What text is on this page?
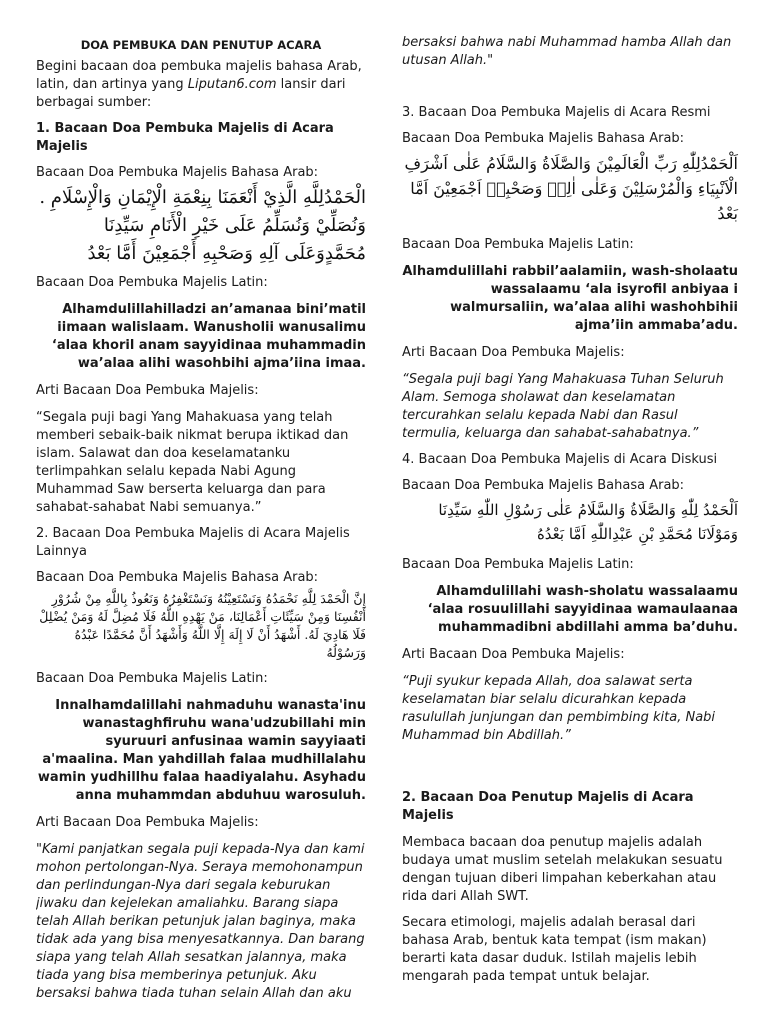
DOA PEMBUKA DAN PENUTUP ACARA

Begini bacaan doa pembuka majelis bahasa Arab, latin, dan artinya yang Liputan6.com lansir dari berbagai sumber:

1. Bacaan Doa Pembuka Majelis di Acara Majelis

Bacaan Doa Pembuka Majelis Bahasa Arab:

الْحَمْدُلِلَّهِ الَّذِيْ أَنْعَمَنَا بِنِعْمَةِ الْإِيْمَانِ وَالْإِسْلَامِ . وَنُصَلِّيْ وَنُسَلِّمُ عَلَى خَيْرِ الْأَنَامِ سَيِّدِنَا مُحَمَّدٍوَعَلَى آلِهِ وَصَحْبِهِ أَجْمَعِيْنَ أَمَّا بَعْدُ

Bacaan Doa Pembuka Majelis Latin:

Alhamdulillahilladzi an’amanaa bini’matil iimaan walislaam. Wanusholii wanusalimu ‘alaa khoril anam sayyidinaa muhammadin wa’alaa alihi wasohbihi ajma’iina imaa.

Arti Bacaan Doa Pembuka Majelis:

“Segala puji bagi Yang Mahakuasa yang telah memberi sebaik-baik nikmat berupa iktikad dan islam. Salawat dan doa keselamatanku terlimpahkan selalu kepada Nabi Agung Muhammad Saw berserta keluarga dan para sahabat-sahabat Nabi semuanya.”

2. Bacaan Doa Pembuka Majelis di Acara Majelis Lainnya

Bacaan Doa Pembuka Majelis Bahasa Arab:

إِنَّ الْحَمْدَ لِلَّهِ نَحْمَدُهُ وَنَسْتَعِيْنُهُ وَنَسْتَغْفِرُهُ وَنَعُوذُ بِاللَّهِ مِنْ شُرُوْرِ أَنْفُسِنَا وَمِنْ سَيِّئَاتِ أَعْمَالِنَا، مَنْ يَهْدِهِ اللَّهُ فَلَا مُضِلَّ لَهُ وَمَنْ يُضْلِلْ فَلَا هَادِيَ لَهُ. أَشْهَدُ أَنْ لَا إِلَهَ إِلَّا اللَّهُ وَأَشْهَدُ أَنَّ مُحَمَّدًا عَبْدُهُ وَرَسُوْلُهُ

Bacaan Doa Pembuka Majelis Latin:

Innalhamdalillahi nahmaduhu wanasta'inu wanastaghfiruhu wana'udzubillahi min syuruuri anfusinaa wamin sayyiaati a'maalina. Man yahdillah falaa mudhillalahu wamin yudhillhu falaa haadiyalahu. Asyhadu anna muhammdan abduhuu warosuluh.

Arti Bacaan Doa Pembuka Majelis:

3. Bacaan Doa Pembuka Majelis di Acara Resmi

Bacaan Doa Pembuka Majelis Bahasa Arab:

اَلْحَمْدُلِلّٰهِ رَبِّ الْعَالَمِيْنَ وَالصَّلَاةُ وَالسَّلَامُ عَلٰى اَشْرَفِ الْاَنْبِيَاءِ وَالْمُرْسَلِيْنَ وَعَلٰى اٰلِهٖ وَصَحْبِهٖ اَجْمَعِيْنَ اَمَّا بَعْدُ

Bacaan Doa Pembuka Majelis Latin:

Alhamdulillahi rabbil’aalamiin, wash-sholaatu wassalaamu ‘ala isyrofil anbiyaa i walmursaliin, wa’alaa alihi washohbihii ajma’iin ammaba’adu.

Arti Bacaan Doa Pembuka Majelis:

“Segala puji bagi Yang Mahakuasa Tuhan Seluruh Alam. Semoga sholawat dan keselamatan tercurahkan selalu kepada Nabi dan Rasul termulia, keluarga dan sahabat-sahabatnya.”

4. Bacaan Doa Pembuka Majelis di Acara Diskusi

Bacaan Doa Pembuka Majelis Bahasa Arab:

اَلْحَمْدُ لِلّٰهِ وَالصَّلَاةُ وَالسَّلَامُ عَلٰى رَسُوْلِ اللّٰهِ سَيِّدِنَا وَمَوْلَانَا مُحَمَّدِ بْنِ عَبْدِاللّٰهِ اَمَّا بَعْدُهُ

Bacaan Doa Pembuka Majelis Latin:

Alhamdulillahi wash-sholatu wassalaamu ‘alaa rosuulillahi sayyidinaa wamaulaanaa muhammadibni abdillahi amma ba’duhu.

Arti Bacaan Doa Pembuka Majelis:

“Puji syukur kepada Allah, doa salawat serta keselamatan biar selalu dicurahkan kepada rasulullah junjungan dan pembimbing kita, Nabi Muhammad bin Abdillah.”

2. Bacaan Doa Penutup Majelis di Acara Majelis

Membaca bacaan doa penutup majelis adalah budaya umat muslim setelah melakukan sesuatu dengan tujuan diberi limpahan keberkahan atau rida dari Allah SWT.

Secara etimologi, majelis adalah berasal dari bahasa Arab, bentuk kata tempat (ism makan) berarti kata dasar duduk. Istilah majelis lebih mengarah pada tempat untuk belajar.

"Kami panjatkan segala puji kepada-Nya dan kami mohon pertolongan-Nya. Seraya memohonampun dan perlindungan-Nya dari segala keburukan jiwaku dan kejelekan amaliahku. Barang siapa telah Allah berikan petunjuk jalan baginya, maka tidak ada yang bisa menyesatkannya. Dan barang siapa yang telah Allah sesatkan jalannya, maka tiada yang bisa memberinya petunjuk. Aku bersaksi bahwa tiada tuhan selain Allah dan aku
bersaksi bahwa nabi Muhammad hamba Allah dan utusan Allah."
